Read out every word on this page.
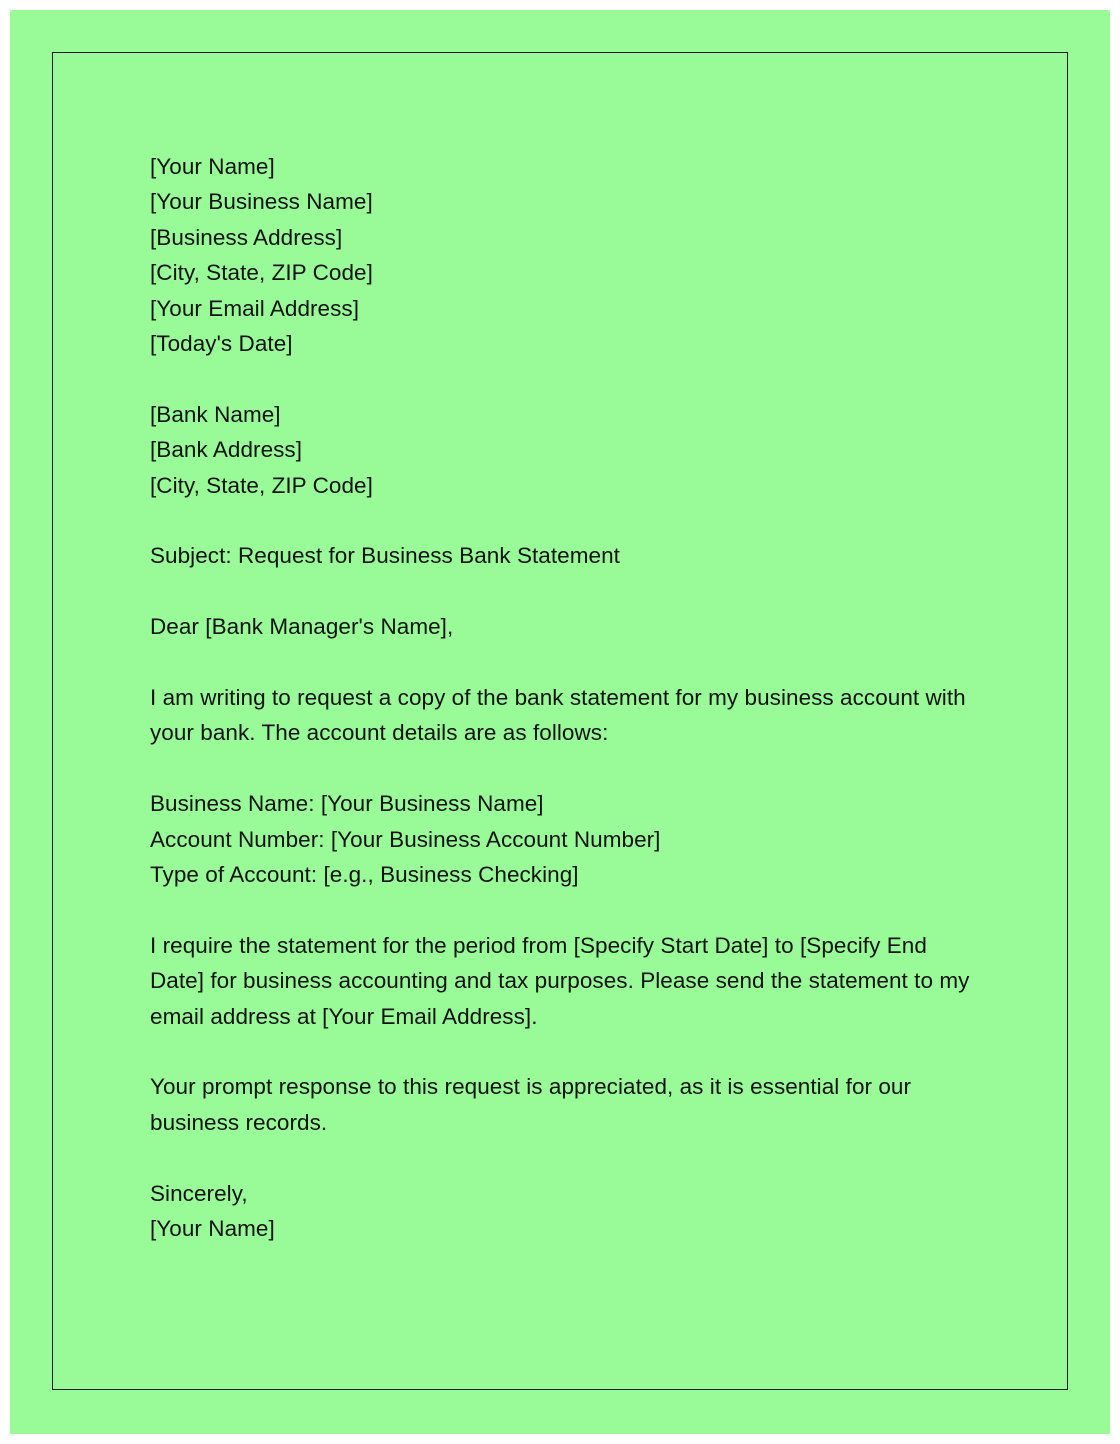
[Your Name]
[Your Business Name]
[Business Address]
[City, State, ZIP Code]
[Your Email Address]
[Today's Date]
[Bank Name]
[Bank Address]
[City, State, ZIP Code]
Subject: Request for Business Bank Statement
Dear [Bank Manager's Name],
I am writing to request a copy of the bank statement for my business account with your bank. The account details are as follows:
Business Name: [Your Business Name]
Account Number: [Your Business Account Number]
Type of Account: [e.g., Business Checking]
I require the statement for the period from [Specify Start Date] to [Specify End Date] for business accounting and tax purposes. Please send the statement to my email address at [Your Email Address].
Your prompt response to this request is appreciated, as it is essential for our business records.
Sincerely,
[Your Name]
